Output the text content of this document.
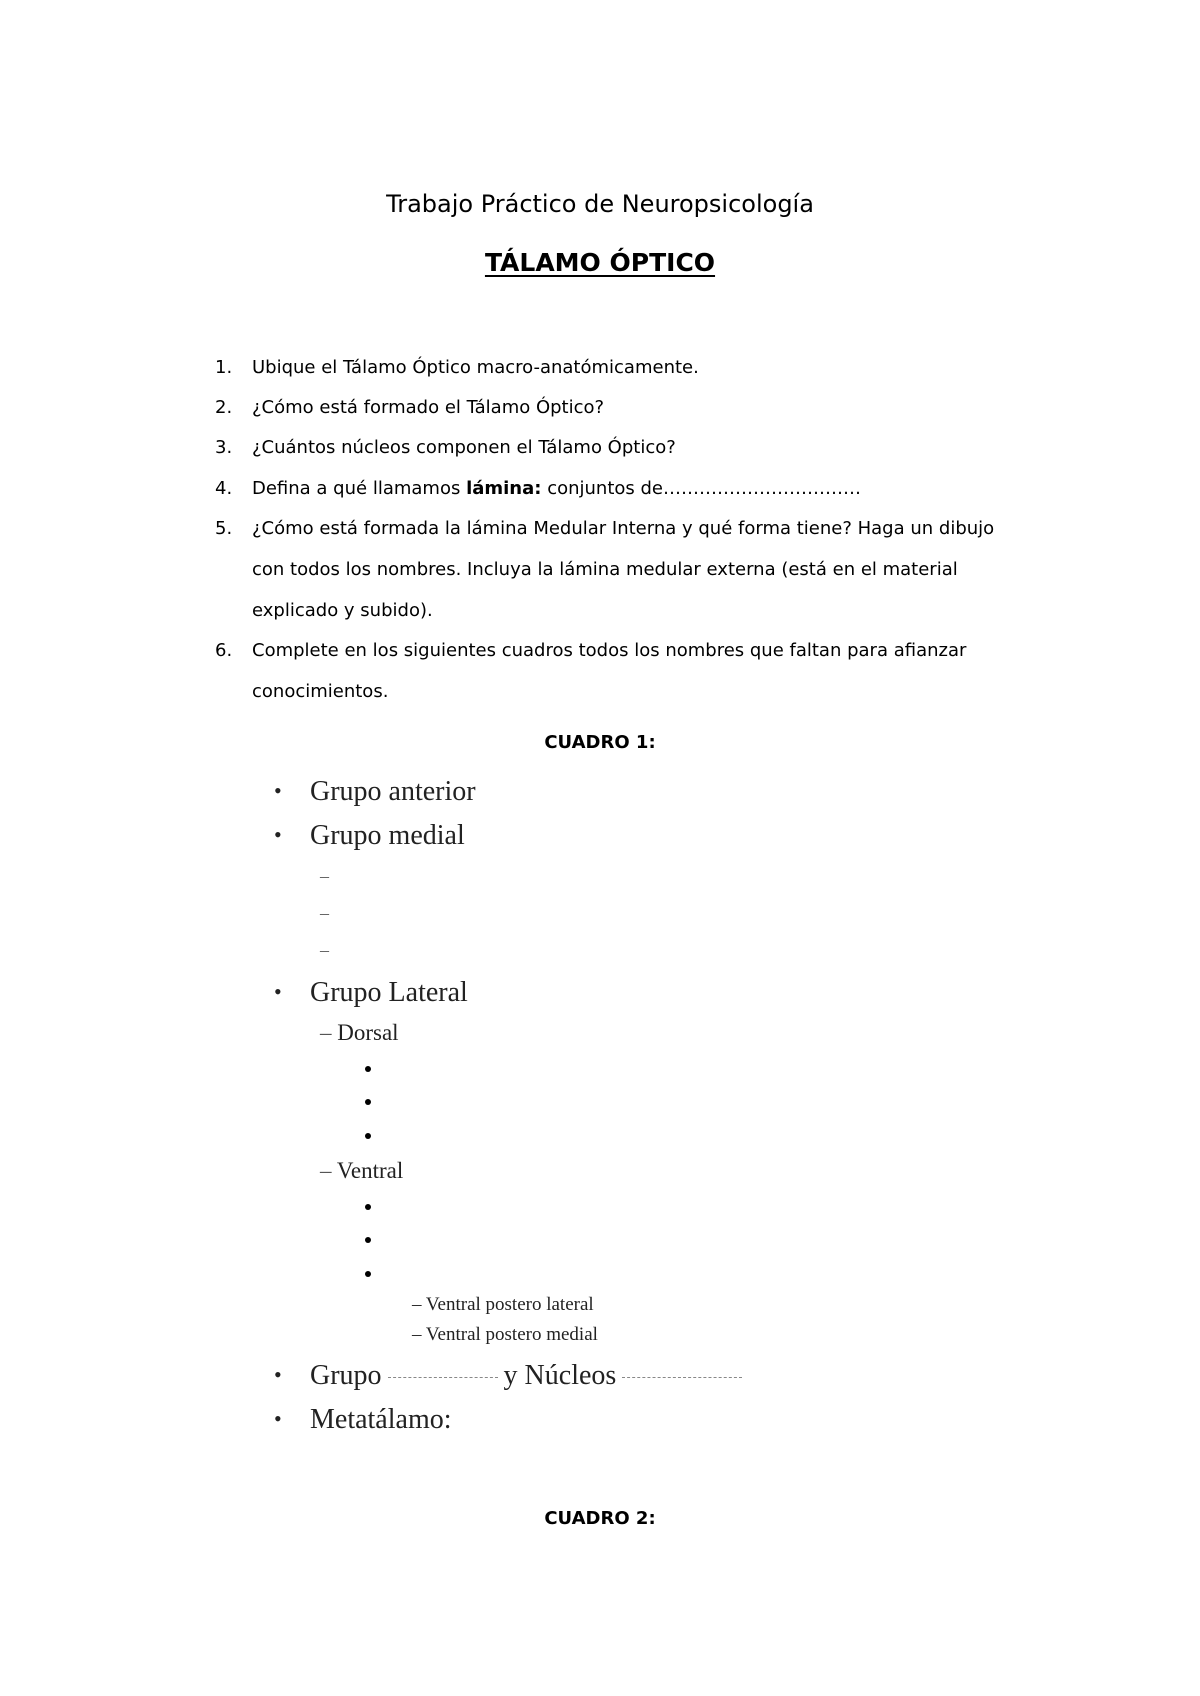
Trabajo Práctico de Neuropsicología
TÁLAMO ÓPTICO
1.	Ubique el Tálamo Óptico macro-anatómicamente.
2.	¿Cómo está formado el Tálamo Óptico?
3.	¿Cuántos núcleos componen el Tálamo Óptico?
4.	Defina a qué llamamos lámina: conjuntos de……………………………
5.	¿Cómo está formada la lámina Medular Interna y qué forma tiene? Haga un dibujo
con todos los nombres. Incluya la lámina medular externa (está en el material
explicado y subido).
6.	Complete en los siguientes cuadros todos los nombres que faltan para afianzar
conocimientos.
CUADRO 1:
• Grupo anterior
• Grupo medial
–
–
–
• Grupo Lateral
– Dorsal
– Ventral
– Ventral postero lateral
– Ventral postero medial
• Grupo	y Núcleos
• Metatálamo:
CUADRO 2:
